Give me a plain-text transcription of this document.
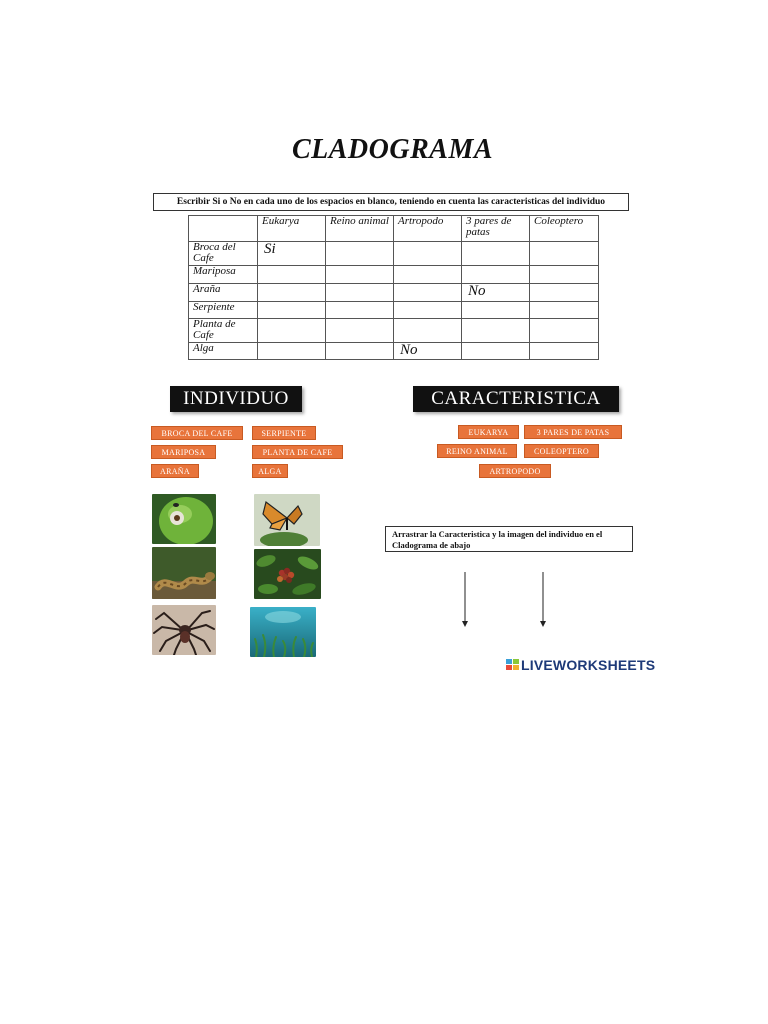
CLADOGRAMA
Escribir Si o No en cada uno de los espacios en blanco, teniendo en cuenta las caracteristicas del individuo
	Eukarya	Reino animal	Artropodo	3 pares de patas	Coleoptero
Broca del Cafe	Si				
Mariposa					
Araña				No	
Serpiente					
Planta de Cafe					
Alga			No		
INDIVIDUO	CARACTERISTICA
BROCA DEL CAFE	SERPIENTE
MARIPOSA	PLANTA DE CAFE
ARAÑA	ALGA
EUKARYA	3 PARES DE PATAS
REINO ANIMAL	COLEOPTERO
ARTROPODO
Arrastrar la Caracteristica y la imagen del individuo en el Cladograma de abajo
LIVEWORKSHEETS
